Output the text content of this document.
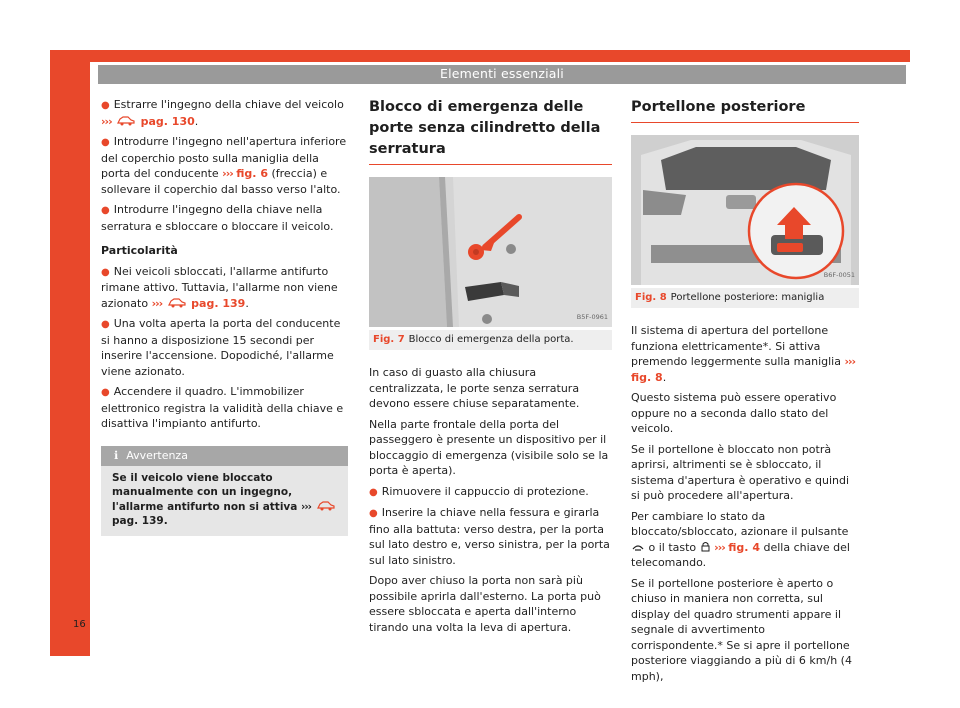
Elementi essenziali
16

● Estrarre l'ingegno della chiave del veicolo ›››	pag. 130.

● Introdurre l'ingegno nell'apertura inferiore del coperchio posto sulla maniglia della porta del conducente ››› fig. 6 (freccia) e sollevare il coperchio dal basso verso l'alto.

● Introdurre l'ingegno della chiave nella serratura e sbloccare o bloccare il veicolo.

Particolarità

● Nei veicoli sbloccati, l'allarme antifurto rimane attivo. Tuttavia, l'allarme non viene azionato ›››	pag. 139.

● Una volta aperta la porta del conducente si hanno a disposizione 15 secondi per inserire l'accensione. Dopodiché, l'allarme viene azionato.

● Accendere il quadro. L'immobilizer elettronico registra la validità della chiave e disattiva l'impianto antifurto.

ℹ Avvertenza
Se il veicolo viene bloccato manualmente con un ingegno, l'allarme antifurto non si attiva ›››  pag. 139.
Blocco di emergenza delle porte senza cilindretto della serratura
B5F-0961
Fig. 7 Blocco di emergenza della porta.

In caso di guasto alla chiusura centralizzata, le porte senza serratura devono essere chiuse separatamente.

Nella parte frontale della porta del passeggero è presente un dispositivo per il bloccaggio di emergenza (visibile solo se la porta è aperta).

● Rimuovere il cappuccio di protezione.

● Inserire la chiave nella fessura e girarla fino alla battuta: verso destra, per la porta sul lato destro e, verso sinistra, per la porta sul lato sinistro.

Dopo aver chiuso la porta non sarà più possibile aprirla dall'esterno. La porta può essere sbloccata e aperta dall'interno tirando una volta la leva di apertura.

Portellone posteriore
B6F-0051
Fig. 8 Portellone posteriore: maniglia

Il sistema di apertura del portellone funziona elettricamente*. Si attiva premendo leggermente sulla maniglia ››› fig. 8.

Questo sistema può essere operativo oppure no a seconda dallo stato del veicolo.

Se il portellone è bloccato non potrà aprirsi, altrimenti se è sbloccato, il sistema d'apertura è operativo e quindi si può procedere all'apertura.

Per cambiare lo stato da bloccato/sbloccato, azionare il pulsante  o il tasto ››› fig. 4 della chiave del telecomando.

Se il portellone posteriore è aperto o chiuso in maniera non corretta, sul display del quadro strumenti appare il segnale di avvertimento corrispondente.* Se si apre il portellone posteriore viaggiando a più di 6 km/h (4 mph),
